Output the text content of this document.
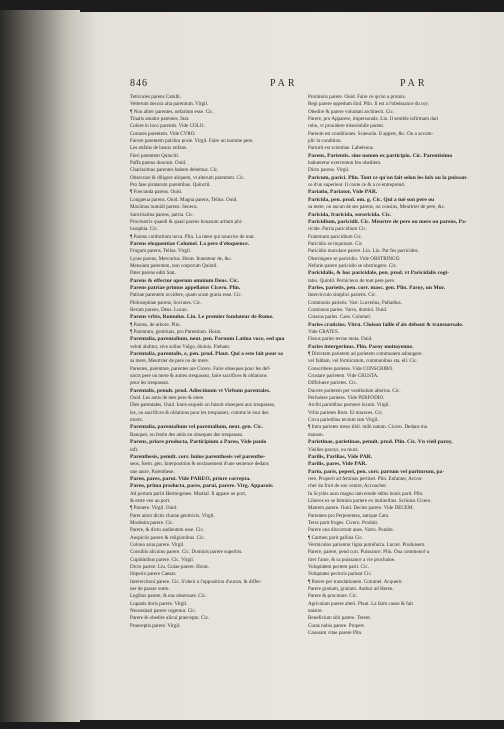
846	PAR	PAR
Tetricules parens Catulli.
Vetterum decora alta parentum. Virgil.
¶ Non aliter parentes, nefarium esse. Cic.
Tinalis amator parentes. Stat.
Colere in loco parentis. Vide COLO.
Conares parentem. Vide CVRO.
Facere parentem pulchra prole. Virgil. Faire un homme pere.
Les enfans de beaux enfans.
Fieri parentem Quinctil.
Paffa parens duorum. Ouid.
Charissimus parentes habere debemus. Cic.
Obsecrare & diligere aliquem, vt alterum parentem. Cic.
Pro fase piratarum parentibus. Quinctil.
¶ Foecunda parens. Ouid.
Longaeua parens. Ouid. Magna parens, Tellus. Ouid.
Maximus numidi parens. Seneca.
Sanctissima parens, patria. Cic.
Procreatrix quaedi & quasi parens bonarum artium phi-
losophia. Cic.
¶ Parens confortium nova. Plin. La mere qui nourrice de tout.
Parens eloquentiae Columel. La pere d'eloquence.
Frugum parens, Tellus. Virgil.
Lyrae parens, Mercurius. Horat. Inuenteur de, &c.
Mensium parentem, non corporum Quintil.
Pater parens editi Stat.
Parens & effector operum omnium Deus. Cic.
Parens patriae primus appellatus Cicero. Plin.
Patriae parentem occidere, quam scam gratia esse. Cic.
Philosophiae parens, Socrates. Cic.
Rerum parens, Deus. Lucan.
Parens vrbis, Romulus. Liu. Le premier fondateur de Rome.
¶ Parens, de arbore. Plin.
¶ Parentum, genitiuus, pro Parentium. Horat.
Parentalia, parentalium, neut. pen. Paruum Latina voce, sed qua
veluti abditur, sive solius Vulgo, diuinis. Fiebant.
Parentalia, parentalis, e, pen. prod. Plaut. Qui a este fait pour sa
sa mere, Meurtrier de pere ou de mere.
Parentes, parentare, parentes are Cicero. Faire obseques pour les def-
uncts pere ou mere & autres trespassez, faire sacrifices & oblations
pour les trespassez.
Parentalis, penult. prod. Adiectiuum vt Virbum parentales.
Ouid. Les amis de mes pere & mere.
Dies parentales. Ouid. Iours esquels on faisoit obseques aux trespassez,
les, ou sacrifices & oblations pour les trespassez, comme le iour des
morts.
Parentalia, parentalium vel parentalium, neut. gen. Cic.
Banquet, ou festin des amis en obseques des trespassez.
Parens, priore producta, Participium a Pareo, Vide paulo
infr.
Parenthesis, penult. corr. huius parenthesis vel parenthe-
seos, foem. gen. Interposition & enclauement d'une sentence dedans
une autre, Parenthese.
Pareo, pares, parui. Vide PAREO, priore correpta.
Pareo, prima producta, pares, parui, parere. Virg. Apparoir.
Ad portum pariit Hermogenes. Martial. Il appare au port,
& estre veu au port.
¶ Paruere. Virgil. Ouid.
Paret amor dictis charae genitricis. Virgil.
Modestia parere. Cic.
Parere, & dicto audientem esse. Cic.
Auspiciis parere & religionibus. Cic.
Colono arua parere. Virgil.
Consiliis alicuius parere. Cic. Dominis parere superbis.
Cupidinibus parere. Cic. Virgil.
Dicto parere. Liu. Gulae parere. Horat.
Imperio parere Caesar.
Interrectioni parere. Cic. S'obeir a l'opposition d'aucun, & differ-
ner de passer outre.
Legibus parere, & eas obseruare. Cic.
Lupanis doris parere. Virgil.
Necessitati parere cogemur. Cic.
Parere & obedire alicui praecepto. Cic.
Praeceptis parere. Virgil.
Promissis parere. Ouid. Faire ce qu'on a promis.
Regi parere oppedum ibid. Plin. Il est a l'obeissance du roy.
Obedire & parere voluntati architecti. Cic.
Parere, pro Apparere, impersonale. Lin. Il semble infirmam dari
robo, vt prouidere miseriobile parent.
Pareum est conditiones. Scaeuola. Il appert, &c. Ou a accom-
plir la condition.
Parturit est scientiae. Labeleous.
Parens, Parientis. sine nomen ex participio. Cic. Parentisimo
habueretur exercenton feu obedient.
Dicto parens. Virgil.
Paricum, parici. Plin. Tout ce qu'on fait selon les loix ou la puissan-
ce d'un superieur. Il coute ce & a ce entreprend.
Pariatio, Pariator, Vide PAR.
Paricida, pen. prod. om. g. Cic. Qui a tué son pere ou
sa mere, ou aucun de ses parens, ou cousins, Meurtrier de pere, &c.
Paricida, fraricida, sororicida. Cic.
Paricidium, paricidii. Cic. Meurtre de pere ou mere ou parens, Pa-
ricide. Patria paricidium Cic.
Fraternum paricidium Cic.
Paricidio se inquinare. Cic.
Paricidio maculare parere. Lin. Liu. Par fes parricides.
Obstringere se paricidio. Vide OBSTRINGO.
Nefarie parere paricidio se obstringere. Cic.
Paricidalis, & hoc paricidale, pen. prod. vt Paricidalis cogi-
tatio. Quintil. Pernicieux de tout pere pere.
Paries, parietis, pen. corr. masc. gen. Plin. Paroy, un Mur.
Intercirculo simplici parietis. Cic.
Communis parietis. Varr. Lucretius, Palladius.
Continuus paries. Varro, domini. Ouid.
Crassus paries. Caes. Columel.
Paries craticius. Vitru. Cloison faille d'ais debout & transuersale.
Vide CRATES.
Fissus paries terrae mota. Ouid.
Paries intergerinus. Plin. Paroy moitoyenne.
¶ Directam parietem ad parietem communem adiungere.
vel faldam, vel formicatum, communibus sta. ell. Cic.
Conscribere parietes. Vide CONSCRIBO.
Crustare parietem. Vide CRUSTA.
Diffoluere parietes. Cic.
Ducere parietem per vestibulum alterius. Cic.
Perfodere parietes. Vide PERFODIO.
Arcibi parietibus permere locum. Virgil.
Vrbis parietes Rom. Et mareces. Cic.
Circa parietibus tectum iam Virgil.
¶ Intra parietes meos tibil. mihi natum. Cicero. Dedans ma
maison.
Parietinae, parietinae, penult. prod. Plin. Cic. Vn vieil paroy,
Vieilles paroys, ou murs.
Parilis, Parilias, Vide PAR.
Parilis, pares, Vide PAR.
Pario, paris, peperi, pen. corr. partum vel pariturum, pa-
rere. Properit ad feminas pertinet. Plin. Enfanter, Accou-
cher du fruit de son ventre, Accoucher.
In Scythis auro magno iam eonde stibis bonis parit. Plin.
Liberos ex se feminis pariere ex mulieribus. Scriuius Cicero.
Matrem parere. Ouid. Decies parere. Vide DECEM.
Parientes pro Perperentes, antique Cato.
Terra parit fruges. Cicero. Produit.
Parere ona discurrunt aues. Varro. Pondre.
¶ Carmen parit gallina Cic.
Vermiculos parientur ligna putrefacta. Lucret. Produisent.
Parere, parere, pend corr. Puissance. Plin. Ona commencé a
tirer l'ame, & sa puissance a vie prochaine.
Voluptatem pectem parit. Cic.
Voluptates pectoris pariunt Cic.
¶ Parere per translationem. Columel. Acquerir.
Parere gratiam, gratiam. Author ad Heren.
Parere & procreare. Cic.
Agricolam parere alteri. Plaut. La faim cause & fait
naistre.
Beneficium sibi parere. Terent.
Curas nobis parere. Propert.
Caussam vitae parere Plin.
